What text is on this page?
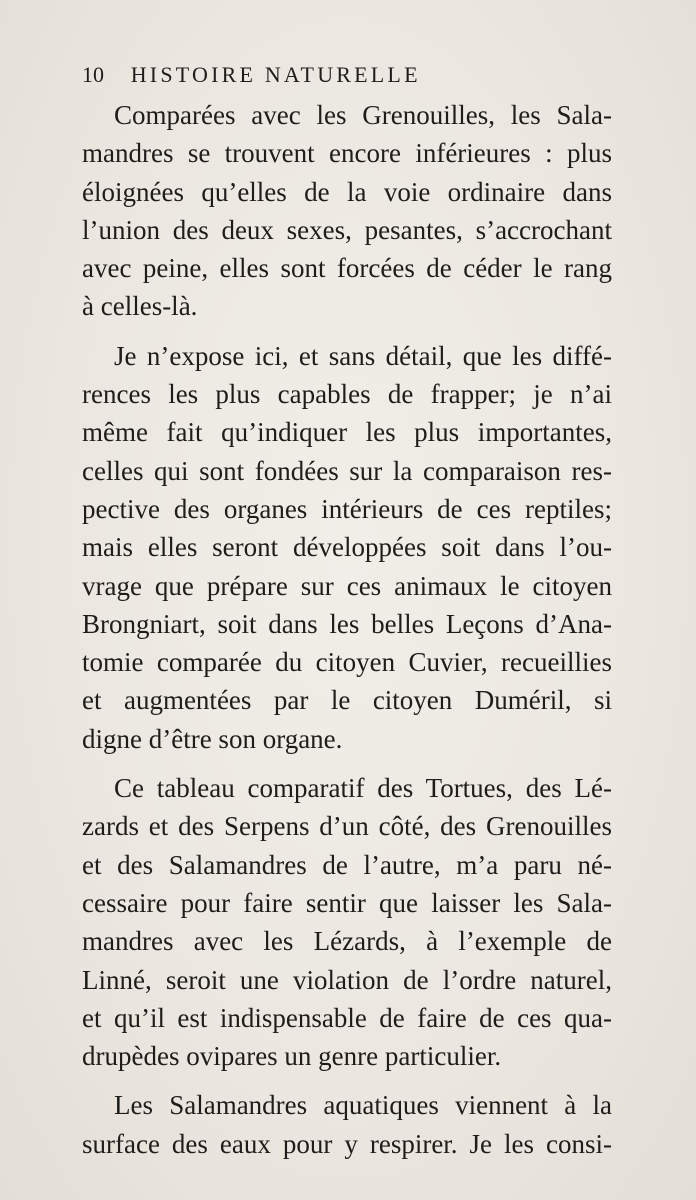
10 HISTOIRE NATURELLE
Comparées avec les Grenouilles, les Sala-
mandres se trouvent encore inférieures : plus
éloignées qu’elles de la voie ordinaire dans
l’union des deux sexes, pesantes, s’accrochant
avec peine, elles sont forcées de céder le rang
à celles-là.
Je n’expose ici, et sans détail, que les diffé-
rences les plus capables de frapper; je n’ai
même fait qu’indiquer les plus importantes,
celles qui sont fondées sur la comparaison res-
pective des organes intérieurs de ces reptiles;
mais elles seront développées soit dans l’ou-
vrage que prépare sur ces animaux le citoyen
Brongniart, soit dans les belles Leçons d’Ana-
tomie comparée du citoyen Cuvier, recueillies
et augmentées par le citoyen Duméril, si
digne d’être son organe.
Ce tableau comparatif des Tortues, des Lé-
zards et des Serpens d’un côté, des Grenouilles
et des Salamandres de l’autre, m’a paru né-
cessaire pour faire sentir que laisser les Sala-
mandres avec les Lézards, à l’exemple de
Linné, seroit une violation de l’ordre naturel,
et qu’il est indispensable de faire de ces qua-
drupèdes ovipares un genre particulier.
Les Salamandres aquatiques viennent à la
surface des eaux pour y respirer. Je les consi-
